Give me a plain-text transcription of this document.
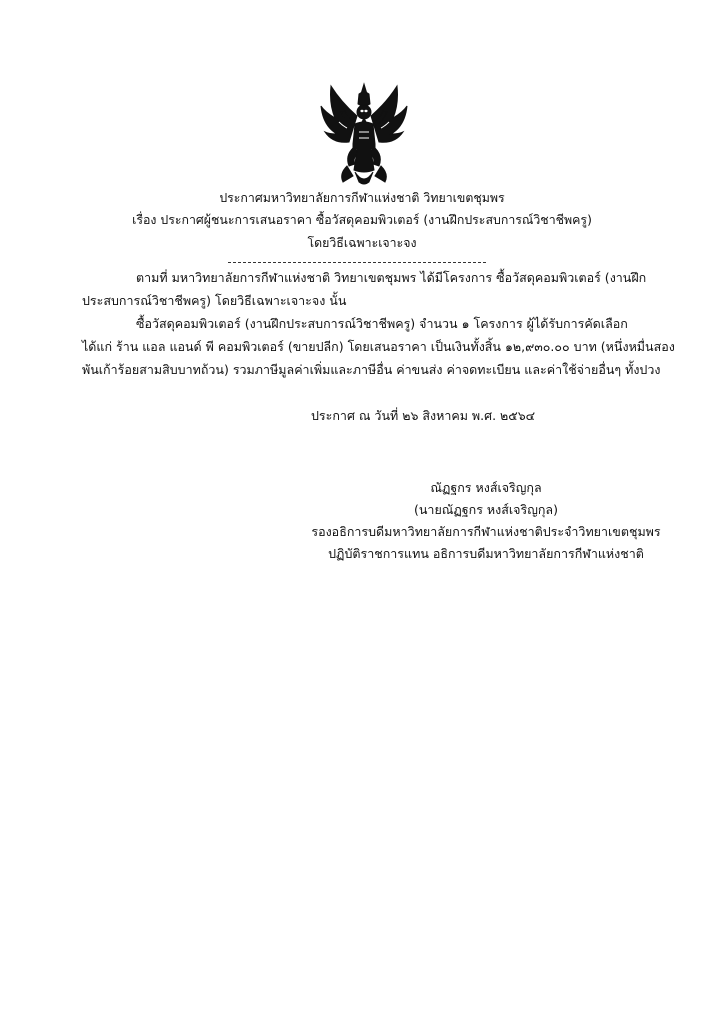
ประกาศมหาวิทยาลัยการกีฬาแห่งชาติ วิทยาเขตชุมพร
เรื่อง ประกาศผู้ชนะการเสนอราคา ซื้อวัสดุคอมพิวเตอร์ (งานฝึกประสบการณ์วิชาชีพครู)
โดยวิธีเฉพาะเจาะจง
ตามที่ มหาวิทยาลัยการกีฬาแห่งชาติ วิทยาเขตชุมพร ได้มีโครงการ ซื้อวัสดุคอมพิวเตอร์ (งานฝึก
ประสบการณ์วิชาชีพครู) โดยวิธีเฉพาะเจาะจง นั้น
ซื้อวัสดุคอมพิวเตอร์ (งานฝึกประสบการณ์วิชาชีพครู) จำนวน ๑ โครงการ ผู้ได้รับการคัดเลือก
ได้แก่ ร้าน แอล แอนด์ พี คอมพิวเตอร์ (ขายปลีก) โดยเสนอราคา เป็นเงินทั้งสิ้น ๑๒,๙๓๐.๐๐ บาท (หนึ่งหมื่นสอง
พันเก้าร้อยสามสิบบาทถ้วน) รวมภาษีมูลค่าเพิ่มและภาษีอื่น ค่าขนส่ง ค่าจดทะเบียน และค่าใช้จ่ายอื่นๆ ทั้งปวง
ประกาศ ณ วันที่ ๒๖ สิงหาคม พ.ศ. ๒๕๖๔
ณัฏฐกร หงส์เจริญกุล
(นายณัฏฐกร หงส์เจริญกุล)
รองอธิการบดีมหาวิทยาลัยการกีฬาแห่งชาติประจำวิทยาเขตชุมพร
ปฏิบัติราชการแทน อธิการบดีมหาวิทยาลัยการกีฬาแห่งชาติ
